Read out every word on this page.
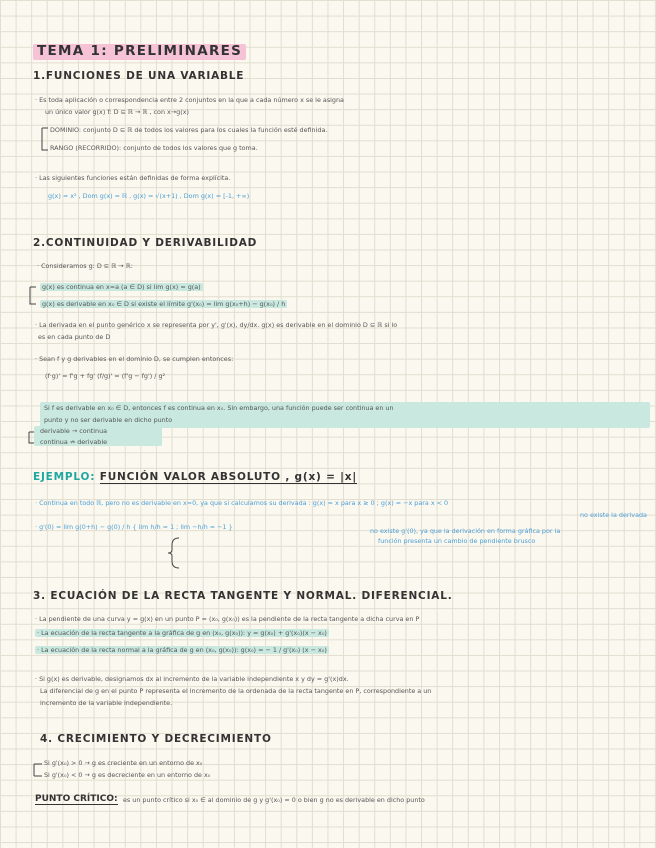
TEMA 1: PRELIMINARES
1.FUNCIONES DE UNA VARIABLE
· Es toda aplicación o correspondencia entre 2 conjuntos en la que a cada número x se le asigna
un único valor g(x) f: D ⊆ ℝ → ℝ , con x→g(x)
DOMINIO: conjunto D ⊆ ℝ de todos los valores para los cuales la función esté definida.
RANGO (RECORRIDO): conjunto de todos los valores que g toma.
· Las siguientes funciones están definidas de forma explícita.
g(x) = x² , Dom g(x) = ℝ , g(x) = √(x+1) , Dom g(x) = [-1, +∞)
2.CONTINUIDAD Y DERIVABILIDAD
· Consideramos g: D ⊆ ℝ → ℝ:
g(x) es continua en x=a (a ∈ D) si lim g(x) = g(a)
g(x) es derivable en x₀ ∈ D si existe el límite g'(x₀) = lim g(x₀+h) − g(x₀) / h
· La derivada en el punto genérico x se representa por y', g'(x), dy/dx. g(x) es derivable en el dominio D ⊆ ℝ si lo
es en cada punto de D
· Sean f y g derivables en el dominio D, se cumplen entonces:
(f·g)' = f'g + fg' (f/g)' = (f'g − fg') / g²
Si f es derivable en x₀ ∈ D, entonces f es continua en x₀. Sin embargo, una función puede ser continua en un
punto y no ser derivable en dicho punto
derivable → continua
continua ↛ derivable
EJEMPLO: FUNCIÓN VALOR ABSOLUTO , g(x) = |x|
· Continua en todo ℝ, pero no es derivable en x=0, ya que si calculamos su derivada : g(x) = x para x ≥ 0 ; g(x) = −x para x < 0
no existe la derivada
· g'(0) = lim g(0+h) − g(0) / h { lim h/h = 1 ; lim −h/h = −1 }	no existe g'(0), ya que la derivación en forma gráfica por la
función presenta un cambio de pendiente brusco
3. ECUACIÓN DE LA RECTA TANGENTE Y NORMAL. DIFERENCIAL.
· La pendiente de una curva y = g(x) en un punto P = (x₀, g(x₀)) es la pendiente de la recta tangente a dicha curva en P
· La ecuación de la recta tangente a la gráfica de g en (x₀, g(x₀)): y = g(x₀) + g'(x₀)(x − x₀)
· La ecuación de la recta normal a la gráfica de g en (x₀, g(x₀)): g(x₀) = − 1 / g'(x₀) (x − x₀)
· Si g(x) es derivable, designamos dx al incremento de la variable independiente x y dy = g'(x)dx.
La diferencial de g en el punto P representa el incremento de la ordenada de la recta tangente en P, correspondiente a un
incremento de la variable independiente.
4. CRECIMIENTO Y DECRECIMIENTO
Si g'(x₀) > 0 → g es creciente en un entorno de x₀
Si g'(x₀) < 0 → g es decreciente en un entorno de x₀
PUNTO CRÍTICO: es un punto crítico si x₀ ∈ al dominio de g y g'(x₀) = 0 o bien g no es derivable en dicho punto
